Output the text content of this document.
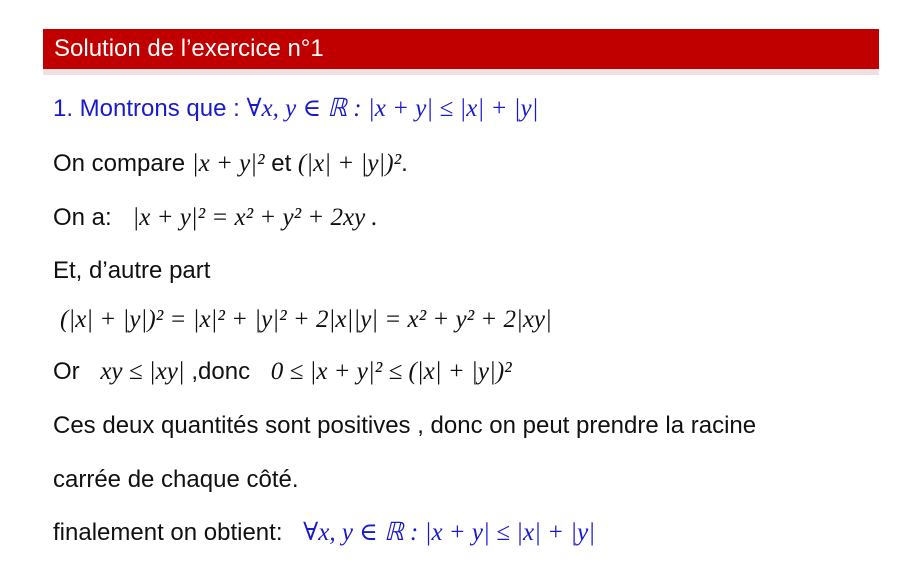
Solution de l’exercice n°1
1. Montrons que : ∀x, y ∈ ℝ : |x + y| ≤ |x| + |y|
On compare |x + y|² et (|x| + |y|)².
On a: |x + y|² = x² + y² + 2xy .
Et, d’autre part
(|x| + |y|)² = |x|² + |y|² + 2|x||y| = x² + y² + 2|xy|
Or xy ≤ |xy| ,donc 0 ≤ |x + y|² ≤ (|x| + |y|)²
Ces deux quantités sont positives , donc on peut prendre la racine
carrée de chaque côté.
finalement on obtient: ∀x, y ∈ ℝ : |x + y| ≤ |x| + |y|
